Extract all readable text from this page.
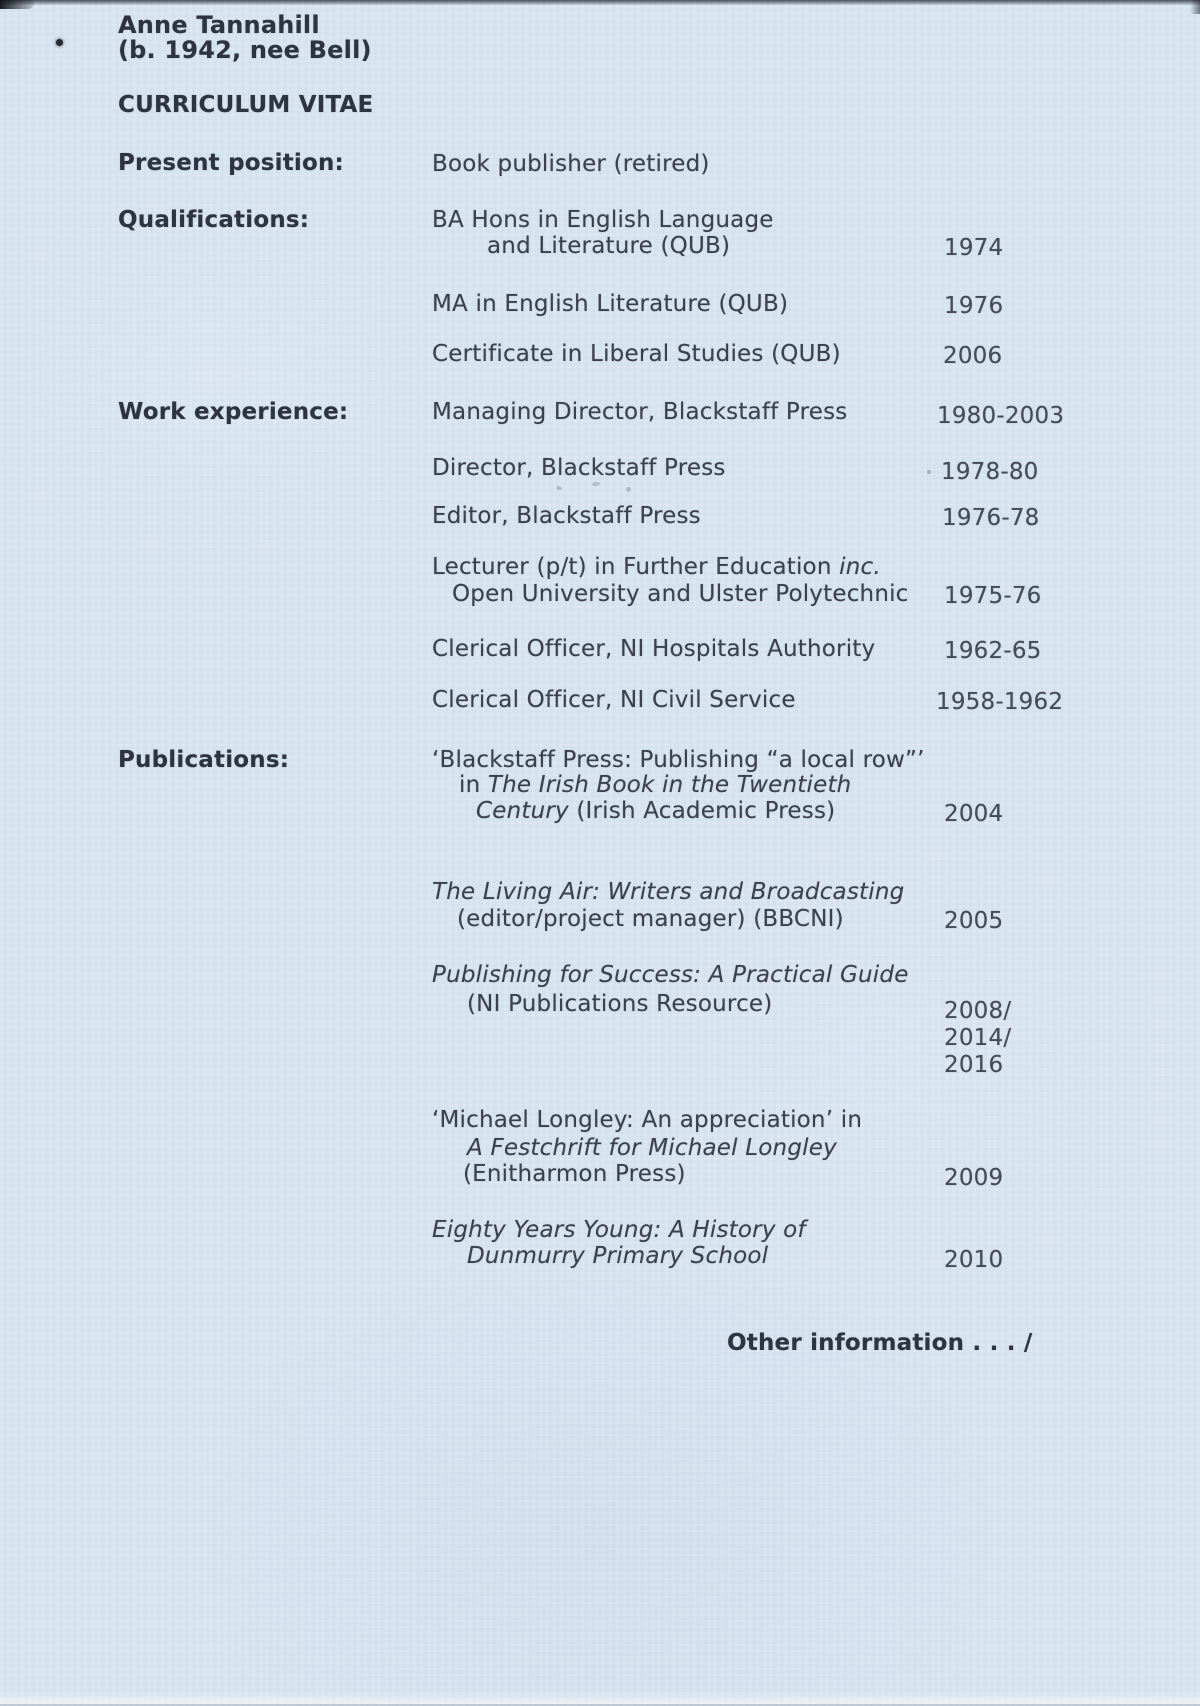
Anne Tannahill
(b. 1942, nee Bell)
CURRICULUM VITAE
Present position:	Book publisher (retired)
Qualifications:	BA Hons in English Language
and Literature (QUB)	1974
MA in English Literature (QUB)	1976
Certificate in Liberal Studies (QUB)	2006
Work experience:	Managing Director, Blackstaff Press	1980-2003
Director, Blackstaff Press	1978-80
Editor, Blackstaff Press	1976-78
Lecturer (p/t) in Further Education inc.
Open University and Ulster Polytechnic 1975-76
Clerical Officer, NI Hospitals Authority	1962-65
Clerical Officer, NI Civil Service	1958-1962
Publications:	‘Blackstaff Press: Publishing “a local row”’
in The Irish Book in the Twentieth
Century (Irish Academic Press)	2004
The Living Air: Writers and Broadcasting
(editor/project manager) (BBCNI)	2005
Publishing for Success: A Practical Guide
(NI Publications Resource)	2008/
2014/
2016
‘Michael Longley: An appreciation’ in
A Festchrift for Michael Longley
(Enitharmon Press)	2009
Eighty Years Young: A History of
Dunmurry Primary School	2010
Other information . . . /
